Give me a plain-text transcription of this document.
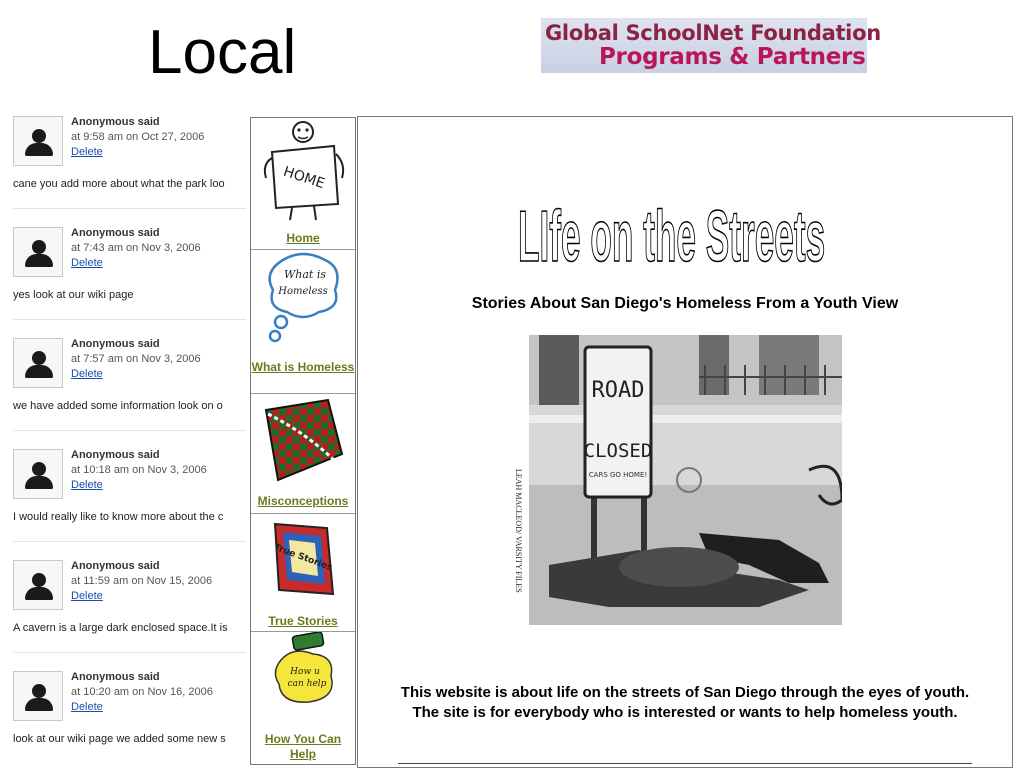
Local	Global SchoolNet Foundation
Programs & Partners
Anonymous said
at 9:58 am on Oct 27, 2006
Delete
cane you add more about what the park loo
Anonymous said
at 7:43 am on Nov 3, 2006
Delete
yes look at our wiki page
Anonymous said
at 7:57 am on Nov 3, 2006
Delete
we have added some information look on o
Anonymous said
at 10:18 am on Nov 3, 2006
Delete
I would really like to know more about the c
Anonymous said
at 11:59 am on Nov 15, 2006
Delete
A cavern is a large dark enclosed space.It is
Anonymous said
at 10:20 am on Nov 16, 2006
Delete
look at our wiki page we added some new s
HOME
Home
What is
Homeless
What is Homeless
Misconceptions
True Stories
True Stories
How u
can help
How You Can Help
LIfe on the Streets
Stories About San Diego's Homeless From a Youth View
ROAD
CLOSED
CARS GO HOME!
LEAH MACLEOD/ VARSITY FILES
This website is about life on the streets of San Diego through the eyes of youth. The site is for everybody who is interested or wants to help homeless youth.
